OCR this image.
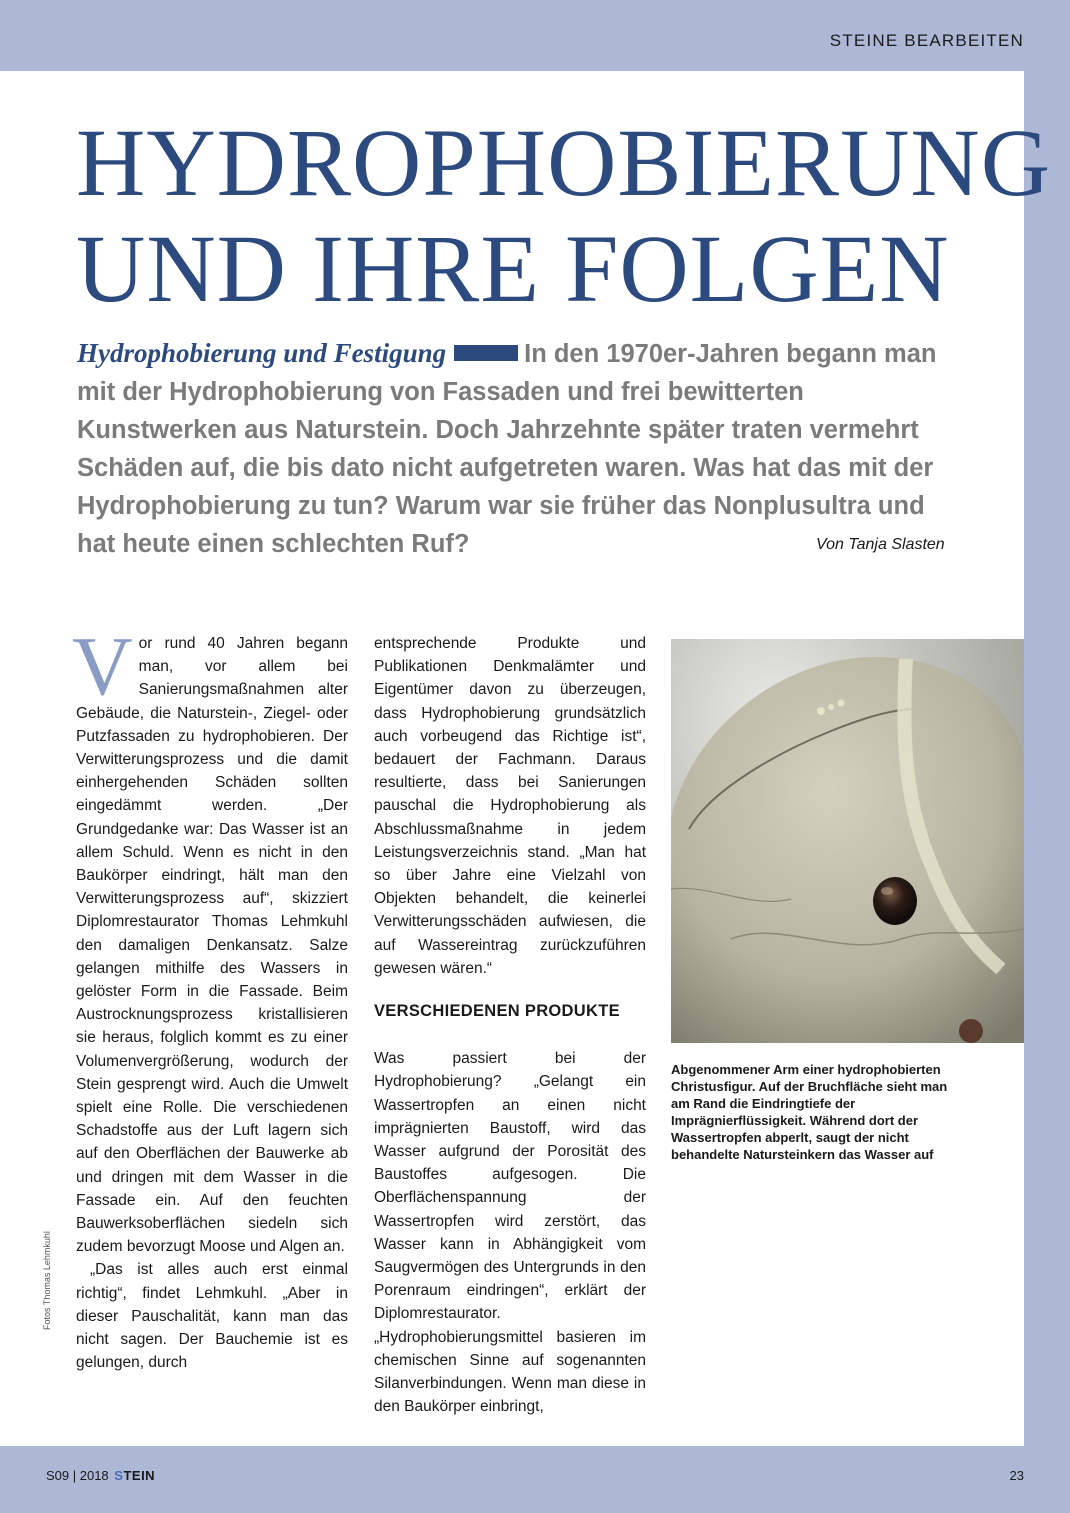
STEINE BEARBEITEN
HYDROPHOBIERUNG
UND IHRE FOLGEN

Hydrophobierung und Festigung	In den 1970er-Jahren begann man mit der Hydrophobierung von Fassaden und frei bewitterten Kunstwerken aus Naturstein. Doch Jahrzehnte später traten vermehrt Schäden auf, die bis dato nicht aufgetreten waren. Was hat das mit der Hydrophobierung zu tun? Warum war sie früher das Nonplusultra und hat heute einen schlechten Ruf?	Von Tanja Slasten

Vor rund 40 Jahren begann man, vor allem bei Sanierungsmaßnahmen alter Gebäude, die Naturstein-, Ziegel- oder Putzfassaden zu hydrophobieren. Der Verwitterungsprozess und die damit einhergehenden Schäden sollten eingedämmt werden. „Der Grundgedanke war: Das Wasser ist an allem Schuld. Wenn es nicht in den Baukörper eindringt, hält man den Verwitterungsprozess auf“, skizziert Diplomrestaurator Thomas Lehmkuhl den damaligen Denkansatz. Salze gelangen mithilfe des Wassers in gelöster Form in die Fassade. Beim Austrocknungsprozess kristallisieren sie heraus, folglich kommt es zu einer Volumenvergrößerung, wodurch der Stein gesprengt wird. Auch die Umwelt spielt eine Rolle. Die verschiedenen Schadstoffe aus der Luft lagern sich auf den Oberflächen der Bauwerke ab und dringen mit dem Wasser in die Fassade ein. Auf den feuchten Bauwerksoberflächen siedeln sich zudem bevorzugt Moose und Algen an.

„Das ist alles auch erst einmal richtig“, findet Lehmkuhl. „Aber in dieser Pauschalität, kann man das nicht sagen. Der Bauchemie ist es gelungen, durch

entsprechende Produkte und Publikationen Denkmalämter und Eigentümer davon zu überzeugen, dass Hydrophobierung grundsätzlich auch vorbeugend das Richtige ist“, bedauert der Fachmann. Daraus resultierte, dass bei Sanierungen pauschal die Hydrophobierung als Abschlussmaßnahme in jedem Leistungsverzeichnis stand. „Man hat so über Jahre eine Vielzahl von Objekten behandelt, die keinerlei Verwitterungsschäden aufwiesen, die auf Wassereintrag zurückzuführen gewesen wären.“

VERSCHIEDENEN PRODUKTE

Was passiert bei der Hydrophobierung? „Gelangt ein Wassertropfen an einen nicht imprägnierten Baustoff, wird das Wasser aufgrund der Porosität des Baustoffes aufgesogen. Die Oberflächenspannung der Wassertropfen wird zerstört, das Wasser kann in Abhängigkeit vom Saugvermögen des Untergrunds in den Porenraum eindringen“, erklärt der Diplomrestaurator. „Hydrophobierungsmittel basieren im chemischen Sinne auf sogenannten Silanverbindungen. Wenn man diese in den Baukörper einbringt,

Abgenommener Arm einer hydrophobierten Christusfigur. Auf der Bruchfläche sieht man am Rand die Eindringtiefe der Imprägnierflüssigkeit. Während dort der Wassertropfen abperlt, saugt der nicht behandelte Natursteinkern das Wasser auf

Fotos Thomas Lehmkuhl
S09 | 2018 STEIN	23
